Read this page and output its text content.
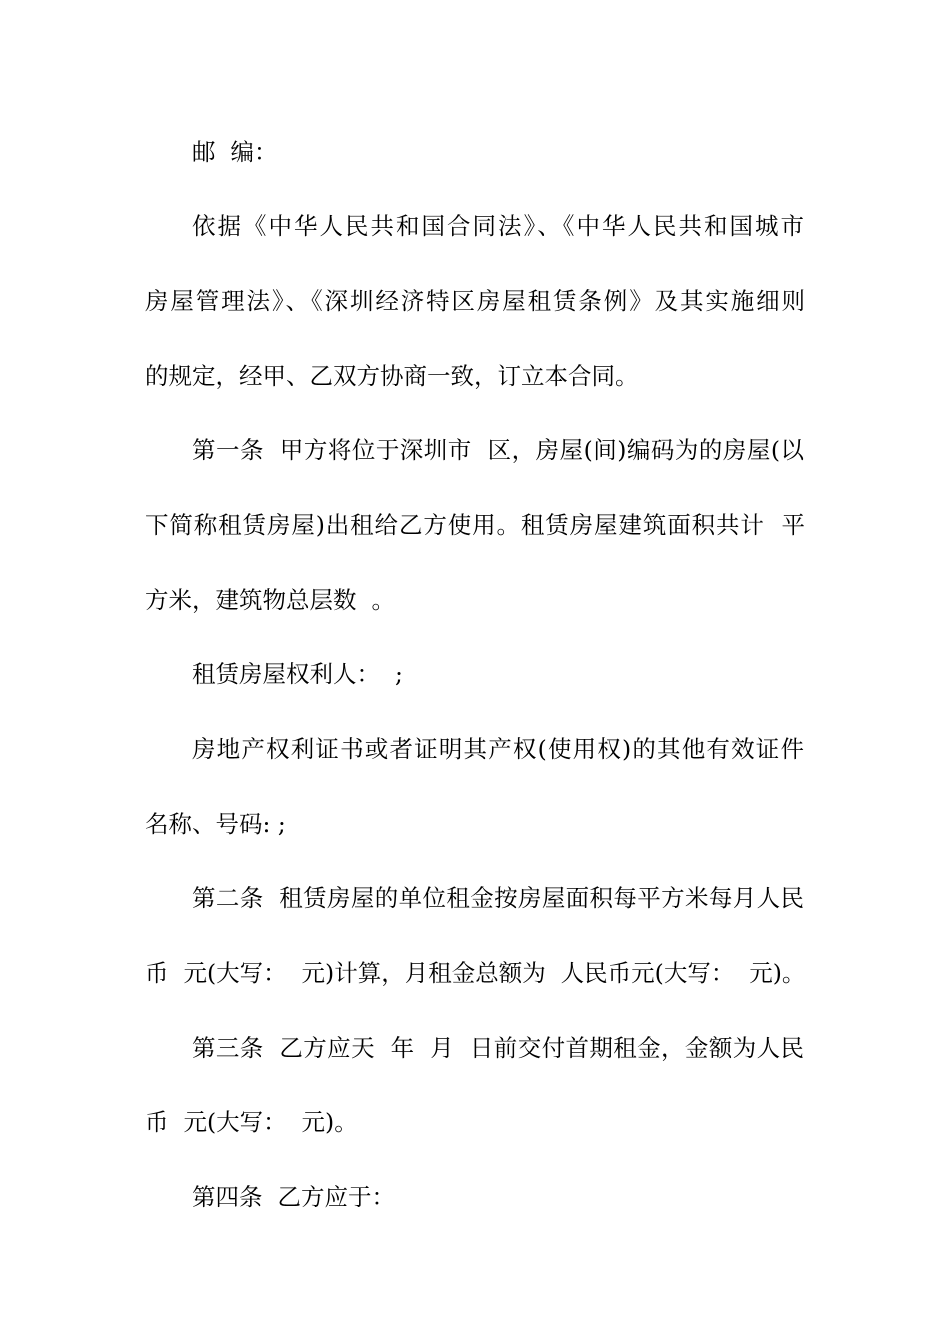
邮  编：
依据《中华人民共和国合同法》、《中华人民共和国城市
房屋管理法》、《深圳经济特区房屋租赁条例》及其实施细则
的规定，经甲、乙双方协商一致，订立本合同。
第一条  甲方将位于深圳市  区，房屋(间)编码为的房屋(以
下简称租赁房屋)出租给乙方使用。租赁房屋建筑面积共计  平
方米，建筑物总层数  。
租赁房屋权利人：  ;
房地产权利证书或者证明其产权(使用权)的其他有效证件
名称、号码: ;
第二条  租赁房屋的单位租金按房屋面积每平方米每月人民
币  元(大写：  元)计算，月租金总额为  人民币元(大写：  元)。
第三条  乙方应天  年  月  日前交付首期租金，金额为人民
币  元(大写：  元)。
第四条  乙方应于：
